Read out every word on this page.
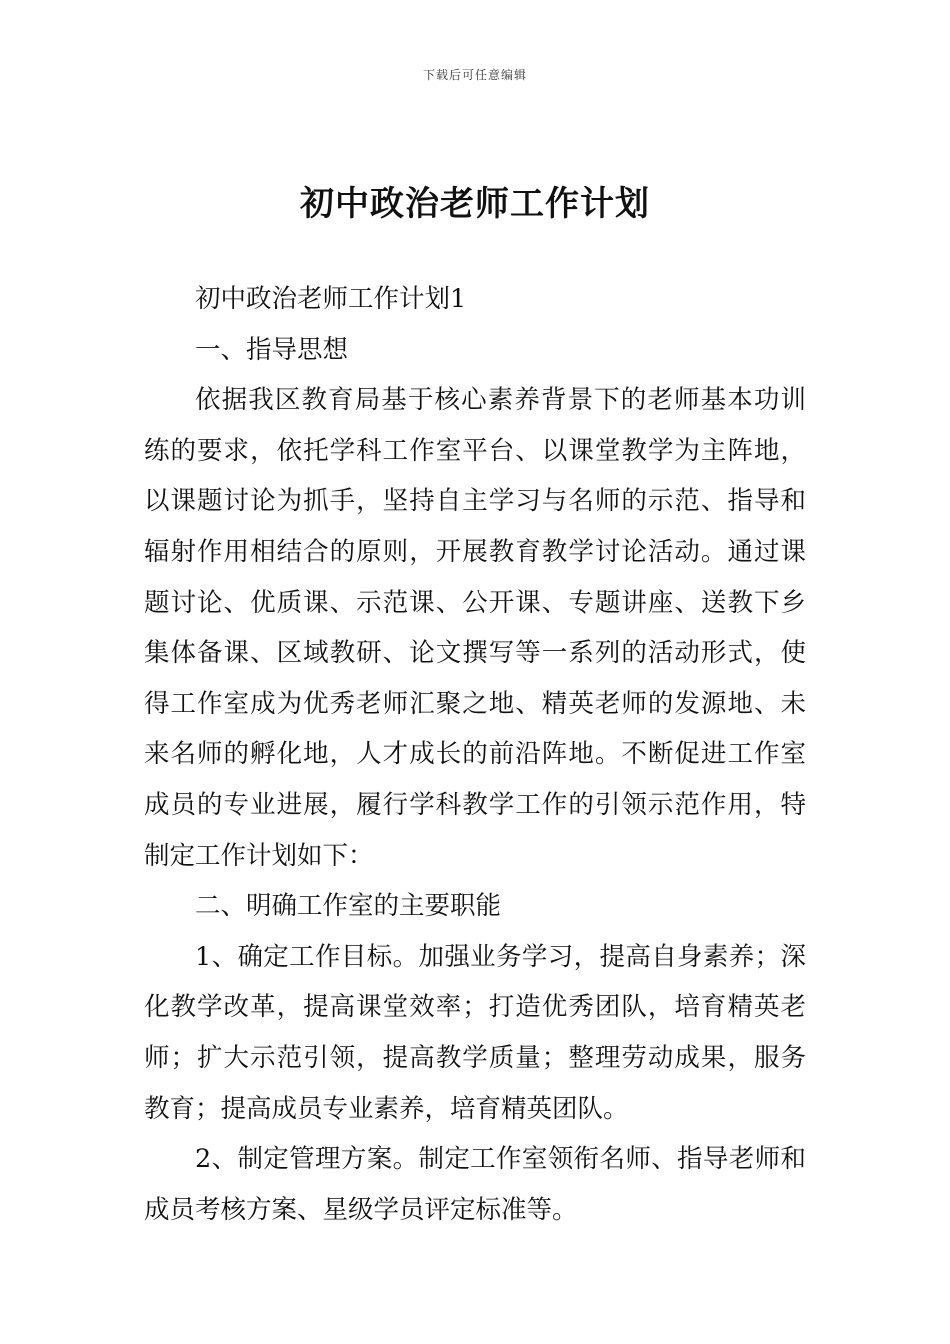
下载后可任意编辑
初中政治老师工作计划

初中政治老师工作计划1

一、指导思想

依据我区教育局基于核心素养背景下的老师基本功训练的要求，依托学科工作室平台、以课堂教学为主阵地，以课题讨论为抓手，坚持自主学习与名师的示范、指导和辐射作用相结合的原则，开展教育教学讨论活动。通过课题讨论、优质课、示范课、公开课、专题讲座、送教下乡集体备课、区域教研、论文撰写等一系列的活动形式，使得工作室成为优秀老师汇聚之地、精英老师的发源地、未来名师的孵化地，人才成长的前沿阵地。不断促进工作室成员的专业进展，履行学科教学工作的引领示范作用，特制定工作计划如下：

二、明确工作室的主要职能

1、确定工作目标。加强业务学习，提高自身素养；深化教学改革，提高课堂效率；打造优秀团队，培育精英老师；扩大示范引领，提高教学质量；整理劳动成果，服务教育；提高成员专业素养，培育精英团队。

2、制定管理方案。制定工作室领衔名师、指导老师和成员考核方案、星级学员评定标准等。
